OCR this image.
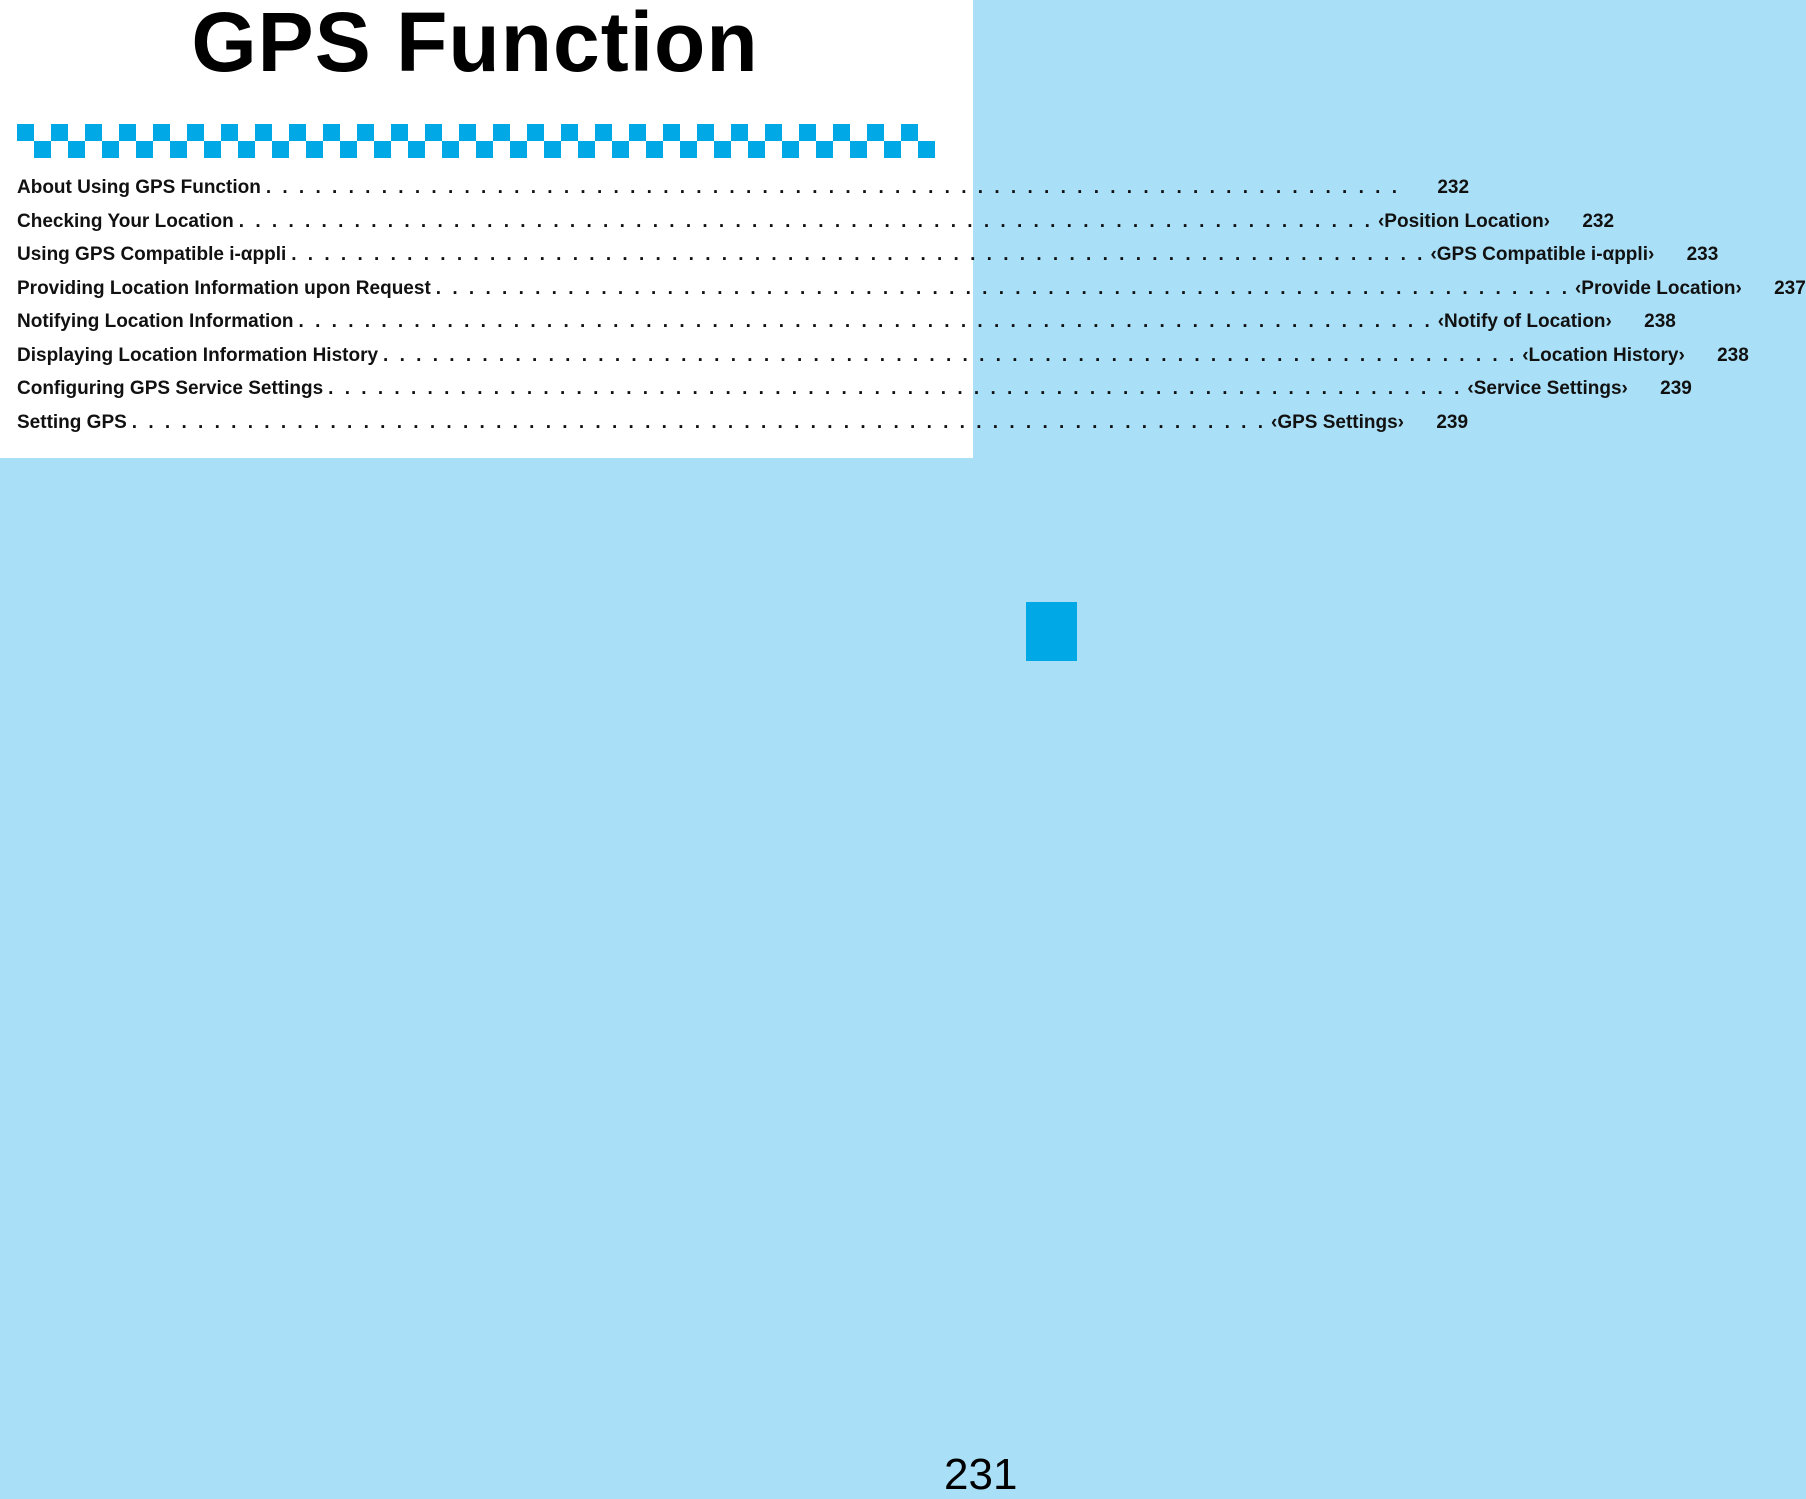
GPS Function
About Using GPS Function . . . . . . . . . . . . . . . . . . . . . . . . . . . . . . . . . . . . . . . . . . . . . . . . . . . . . . . . . . . . . . . . . . . . .	232
Checking Your Location . . . . . . . . . . . . . . . . . . . . . . . . . . . . . . . . . . . . . . . . . . . . . . . . . . . . . . . . . . . . . . . . . . . . . ‹Position Location›	232
Using GPS Compatible i-αppli . . . . . . . . . . . . . . . . . . . . . . . . . . . . . . . . . . . . . . . . . . . . . . . . . . . . . . . . . . . . . . . . . . . . . ‹GPS Compatible i-αppli›	233
Providing Location Information upon Request . . . . . . . . . . . . . . . . . . . . . . . . . . . . . . . . . . . . . . . . . . . . . . . . . . . . . . . . . . . . . . . . . . . . . ‹Provide Location›	237
Notifying Location Information . . . . . . . . . . . . . . . . . . . . . . . . . . . . . . . . . . . . . . . . . . . . . . . . . . . . . . . . . . . . . . . . . . . . . ‹Notify of Location›	238
Displaying Location Information History . . . . . . . . . . . . . . . . . . . . . . . . . . . . . . . . . . . . . . . . . . . . . . . . . . . . . . . . . . . . . . . . . . . . . ‹Location History›	238
Configuring GPS Service Settings . . . . . . . . . . . . . . . . . . . . . . . . . . . . . . . . . . . . . . . . . . . . . . . . . . . . . . . . . . . . . . . . . . . . . ‹Service Settings›	239
Setting GPS . . . . . . . . . . . . . . . . . . . . . . . . . . . . . . . . . . . . . . . . . . . . . . . . . . . . . . . . . . . . . . . . . . . . . ‹GPS Settings›	239
231
